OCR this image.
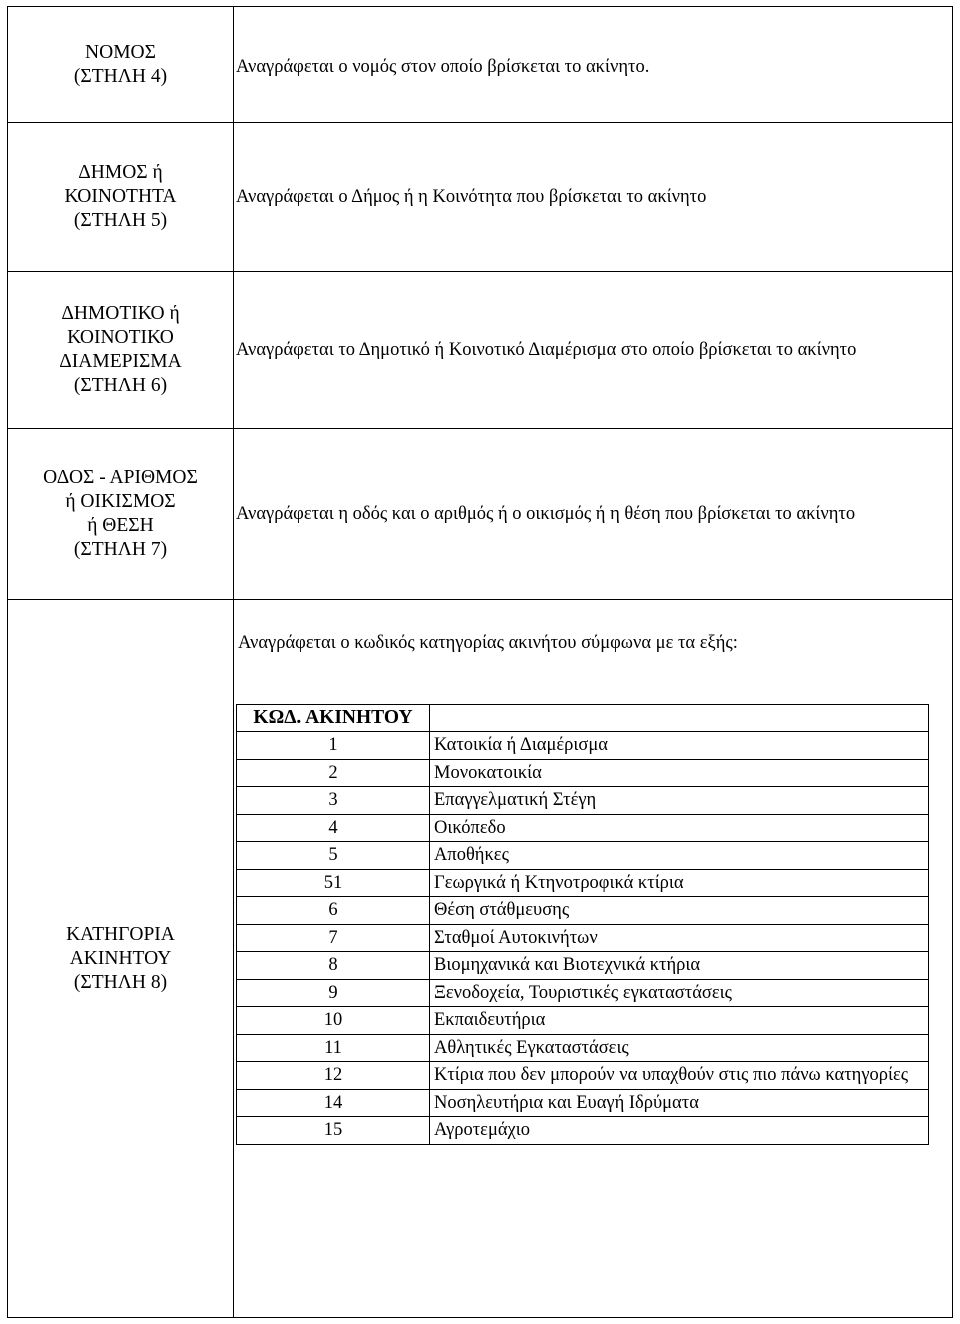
ΝΟΜΟΣ
(ΣΤΗΛΗ 4)	Αναγράφεται ο νομός στον οποίο βρίσκεται το ακίνητο.
ΔΗΜΟΣ ή
ΚΟΙΝΟΤΗΤΑ
(ΣΤΗΛΗ 5)
Αναγράφεται ο Δήμος ή η Κοινότητα που βρίσκεται το ακίνητο
ΔΗΜΟΤΙΚΟ ή
ΚΟΙΝΟΤΙΚΟ
ΔΙΑΜΕΡΙΣΜΑ
(ΣΤΗΛΗ 6)
Αναγράφεται το Δημοτικό ή Κοινοτικό Διαμέρισμα στο οποίο βρίσκεται το ακίνητο
ΟΔΟΣ - ΑΡΙΘΜΟΣ
ή ΟΙΚΙΣΜΟΣ
ή ΘΕΣΗ
(ΣΤΗΛΗ 7)
Αναγράφεται η οδός και ο αριθμός ή ο οικισμός ή η θέση που βρίσκεται το ακίνητο
ΚΑΤΗΓΟΡΙΑ
ΑΚΙΝΗΤΟΥ
(ΣΤΗΛΗ 8)
Αναγράφεται ο κωδικός κατηγορίας ακινήτου σύμφωνα με τα εξής:
ΚΩΔ. ΑΚΙΝΗΤΟΥ	
1	Κατοικία ή Διαμέρισμα
2	Μονοκατοικία
3	Επαγγελματική Στέγη
4	Οικόπεδο
5	Αποθήκες
51	Γεωργικά ή Κτηνοτροφικά κτίρια
6	Θέση στάθμευσης
7	Σταθμοί Αυτοκινήτων
8	Βιομηχανικά και Βιοτεχνικά κτήρια
9	Ξενοδοχεία, Τουριστικές εγκαταστάσεις
10	Εκπαιδευτήρια
11	Αθλητικές Εγκαταστάσεις
12	Κτίρια που δεν μπορούν να υπαχθούν στις πιο πάνω κατηγορίες
14	Νοσηλευτήρια και Ευαγή Ιδρύματα
15	Αγροτεμάχιο
